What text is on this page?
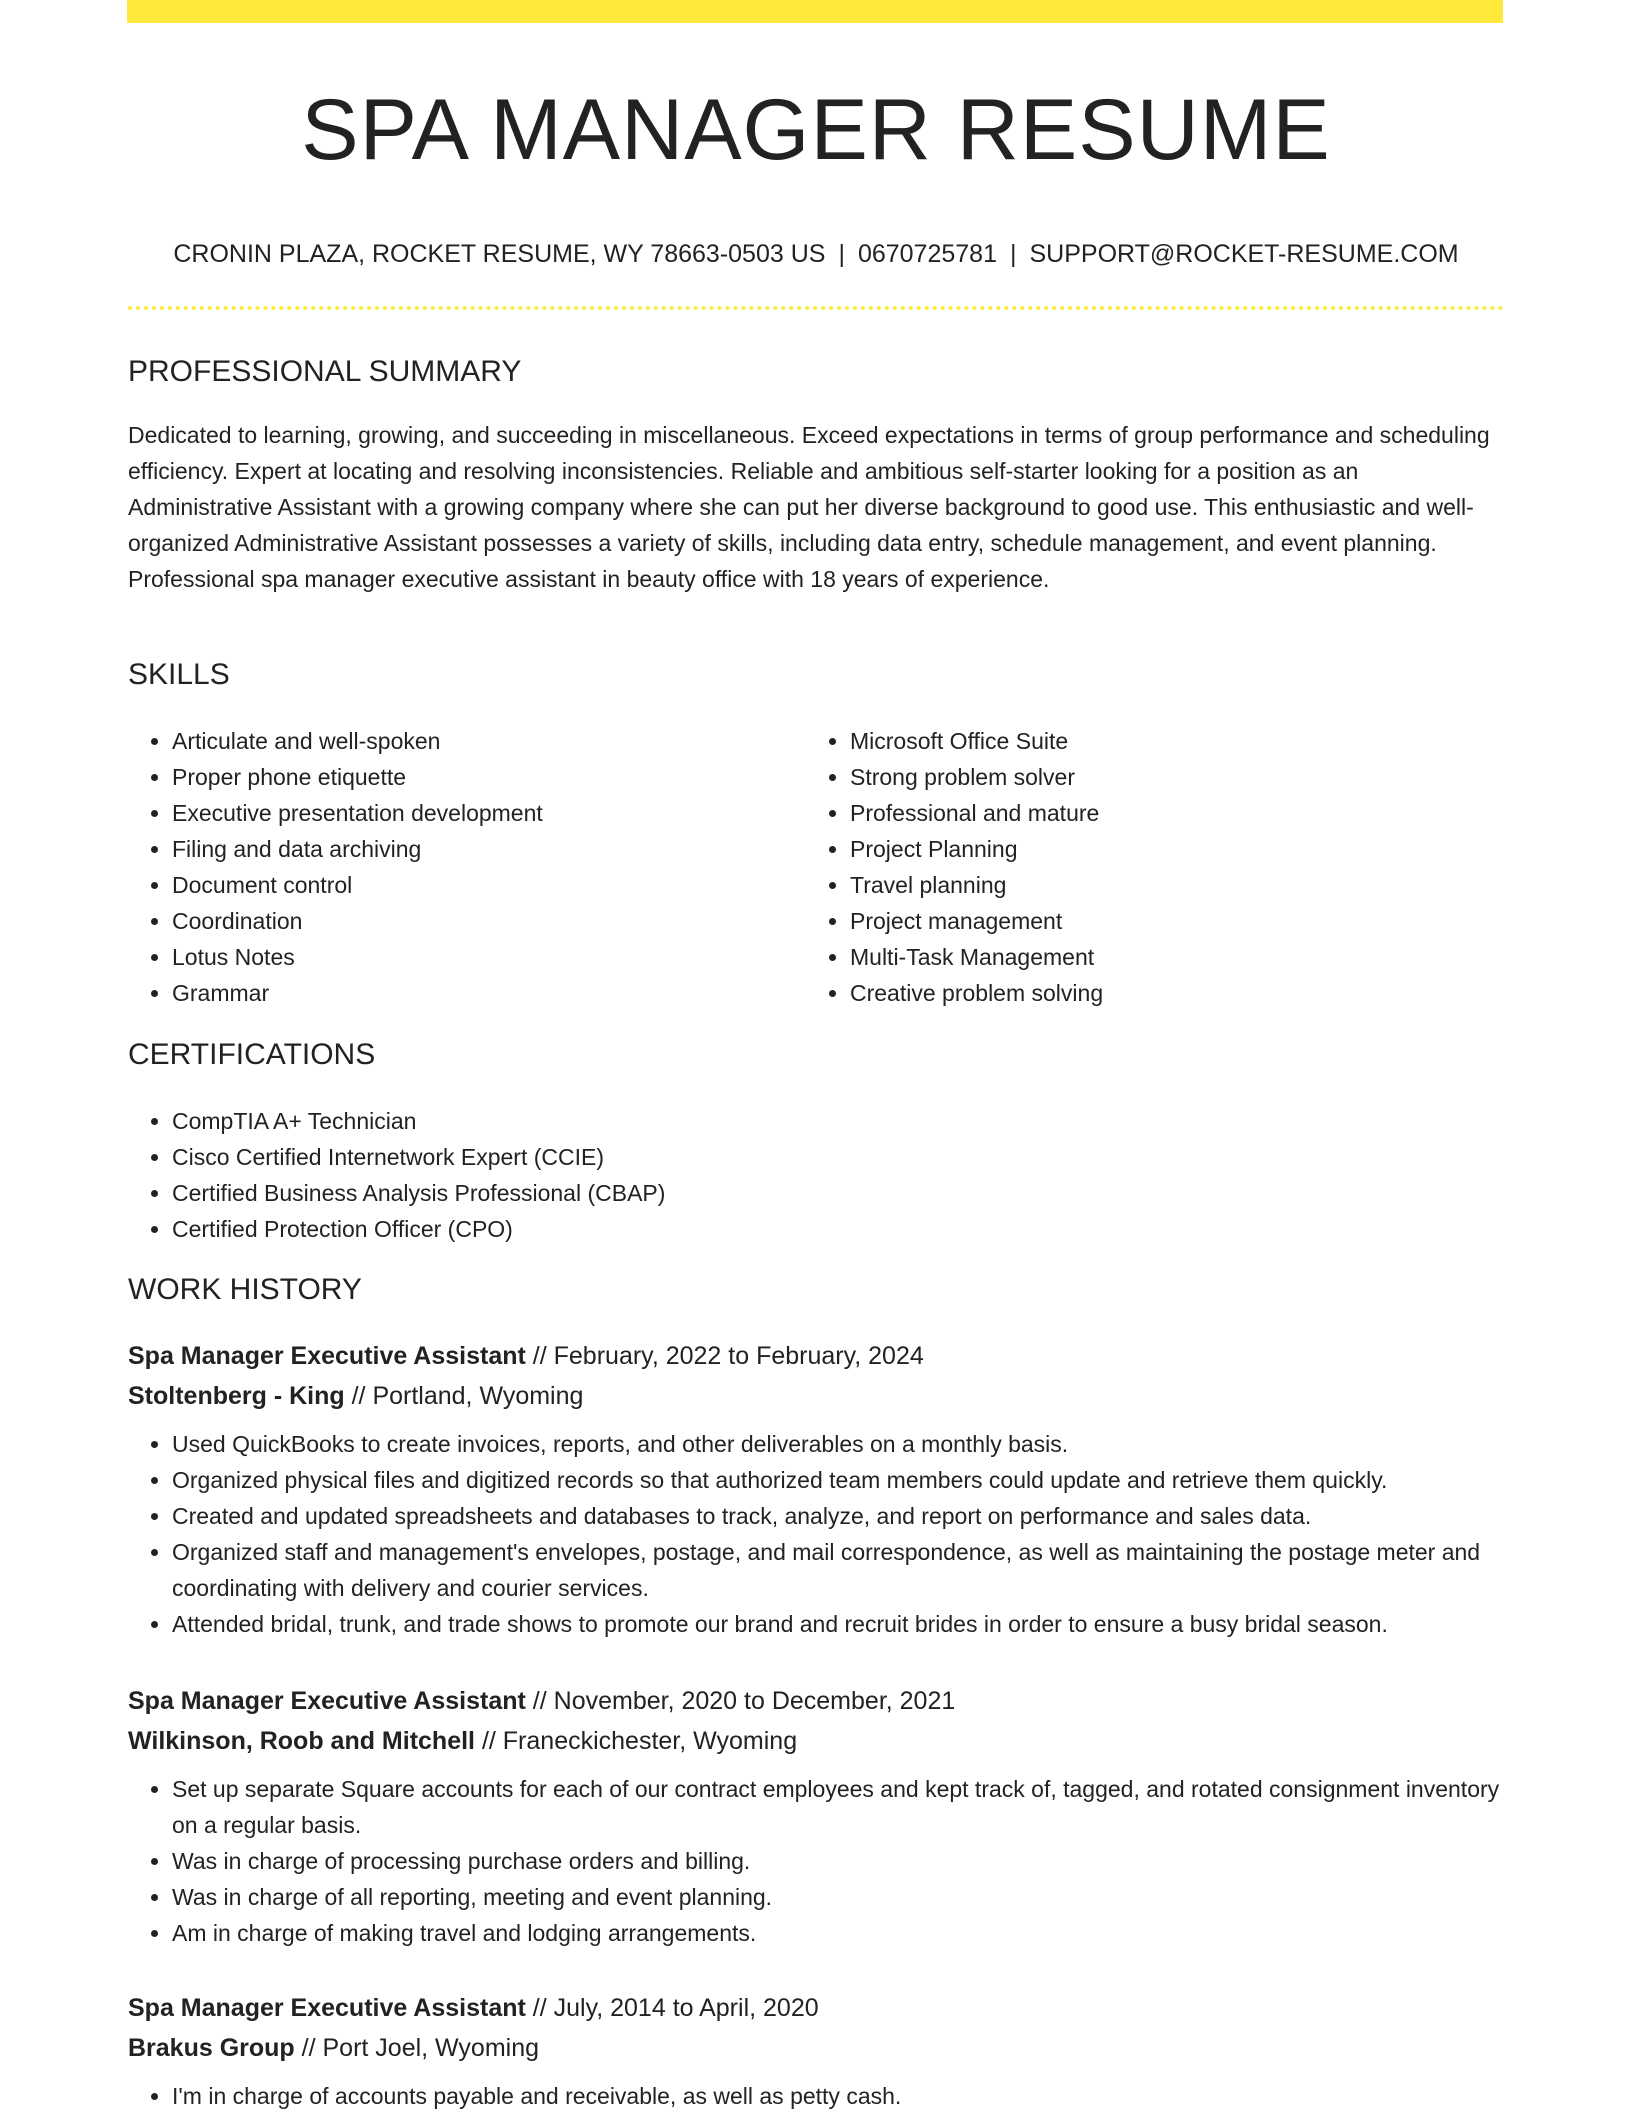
SPA MANAGER RESUME
CRONIN PLAZA, ROCKET RESUME, WY 78663-0503 US | 0670725781 | SUPPORT@ROCKET-RESUME.COM
PROFESSIONAL SUMMARY

Dedicated to learning, growing, and succeeding in miscellaneous. Exceed expectations in terms of group performance and scheduling efficiency. Expert at locating and resolving inconsistencies. Reliable and ambitious self-starter looking for a position as an Administrative Assistant with a growing company where she can put her diverse background to good use. This enthusiastic and well-organized Administrative Assistant possesses a variety of skills, including data entry, schedule management, and event planning. Professional spa manager executive assistant in beauty office with 18 years of experience.

SKILLS
• Articulate and well-spoken
• Proper phone etiquette
• Executive presentation development
• Filing and data archiving
• Document control
• Coordination
• Lotus Notes
• Grammar
• Microsoft Office Suite
• Strong problem solver
• Professional and mature
• Project Planning
• Travel planning
• Project management
• Multi-Task Management
• Creative problem solving
CERTIFICATIONS
• CompTIA A+ Technician
• Cisco Certified Internetwork Expert (CCIE)
• Certified Business Analysis Professional (CBAP)
• Certified Protection Officer (CPO)
WORK HISTORY
Spa Manager Executive Assistant // February, 2022 to February, 2024
Stoltenberg - King // Portland, Wyoming
• Used QuickBooks to create invoices, reports, and other deliverables on a monthly basis.
• Organized physical files and digitized records so that authorized team members could update and retrieve them quickly.
• Created and updated spreadsheets and databases to track, analyze, and report on performance and sales data.
• Organized staff and management's envelopes, postage, and mail correspondence, as well as maintaining the postage meter and coordinating with delivery and courier services.
• Attended bridal, trunk, and trade shows to promote our brand and recruit brides in order to ensure a busy bridal season.
Spa Manager Executive Assistant // November, 2020 to December, 2021
Wilkinson, Roob and Mitchell // Franeckichester, Wyoming
• Set up separate Square accounts for each of our contract employees and kept track of, tagged, and rotated consignment inventory on a regular basis.
• Was in charge of processing purchase orders and billing.
• Was in charge of all reporting, meeting and event planning.
• Am in charge of making travel and lodging arrangements.
Spa Manager Executive Assistant // July, 2014 to April, 2020
Brakus Group // Port Joel, Wyoming
• I'm in charge of accounts payable and receivable, as well as petty cash.
